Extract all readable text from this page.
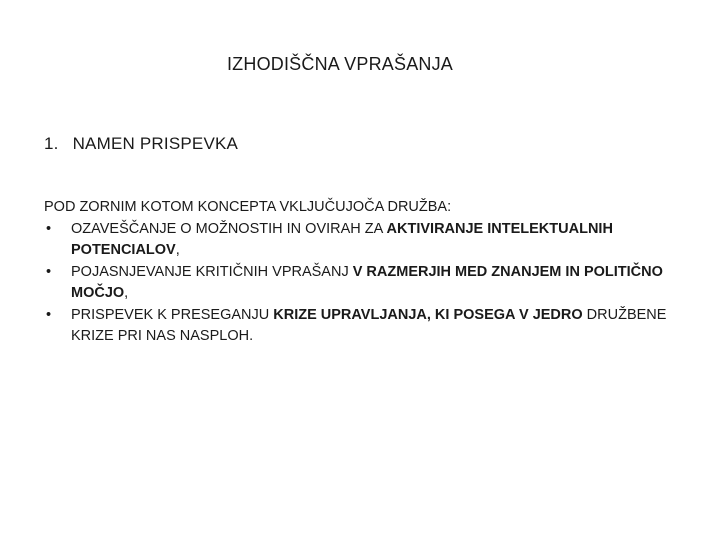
IZHODIŠČNA VPRAŠANJA
1. NAMEN PRISPEVKA
POD ZORNIM KOTOM KONCEPTA VKLJUČUJOČA DRUŽBA:
•	OZAVEŠČANJE O MOŽNOSTIH IN OVIRAH ZA AKTIVIRANJE INTELEKTUALNIH POTENCIALOV,
•	POJASNJEVANJE KRITIČNIH VPRAŠANJ V RAZMERJIH MED ZNANJEM IN POLITIČNO MOČJO,
•	PRISPEVEK K PRESEGANJU KRIZE UPRAVLJANJA, KI POSEGA V JEDRO DRUŽBENE KRIZE PRI NAS NASPLOH.
